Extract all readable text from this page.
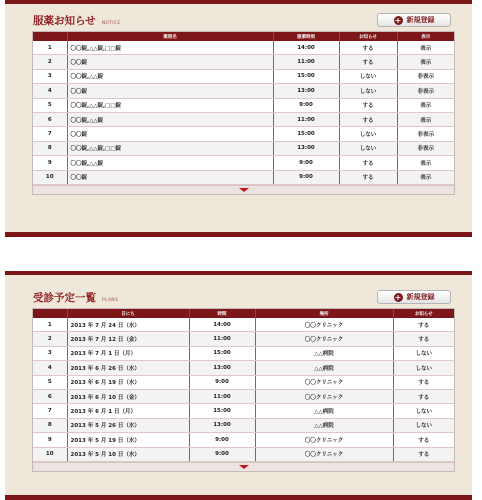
服薬お知らせ NOTICE	+ 新規登録
	薬剤名	服薬時刻	お知らせ	表示
1	〇〇錠,△△錠,□□錠	14:00	する	表示
2	〇〇錠	11:00	する	表示
3	〇〇錠,△△錠	15:00	しない	非表示
4	〇〇錠	13:00	しない	非表示
5	〇〇錠,△△錠,□□錠	9:00	する	表示
6	〇〇錠,△△錠	11:00	する	表示
7	〇〇錠	15:00	しない	非表示
8	〇〇錠,△△錠,□□錠	13:00	しない	非表示
9	〇〇錠,△△錠	9:00	する	表示
10	〇〇錠	9:00	する	表示
受診予定一覧 PLANS	+ 新規登録
	日にち	時間	場所	お知らせ
1	2013 年 7 月 24 日（水）	14:00	〇〇クリニック	する
2	2013 年 7 月 12 日（金）	11:00	〇〇クリニック	する
3	2013 年 7 月 1 日（月）	15:00	△△病院	しない
4	2013 年 6 月 26 日（水）	13:00	△△病院	しない
5	2013 年 6 月 19 日（水）	9:00	〇〇クリニック	する
6	2013 年 6 月 10 日（金）	11:00	〇〇クリニック	する
7	2013 年 6 月 1 日（月）	15:00	△△病院	しない
8	2013 年 5 月 26 日（水）	13:00	△△病院	しない
9	2013 年 5 月 19 日（水）	9:00	〇〇クリニック	する
10	2013 年 5 月 10 日（水）	9:00	〇〇クリニック	する
